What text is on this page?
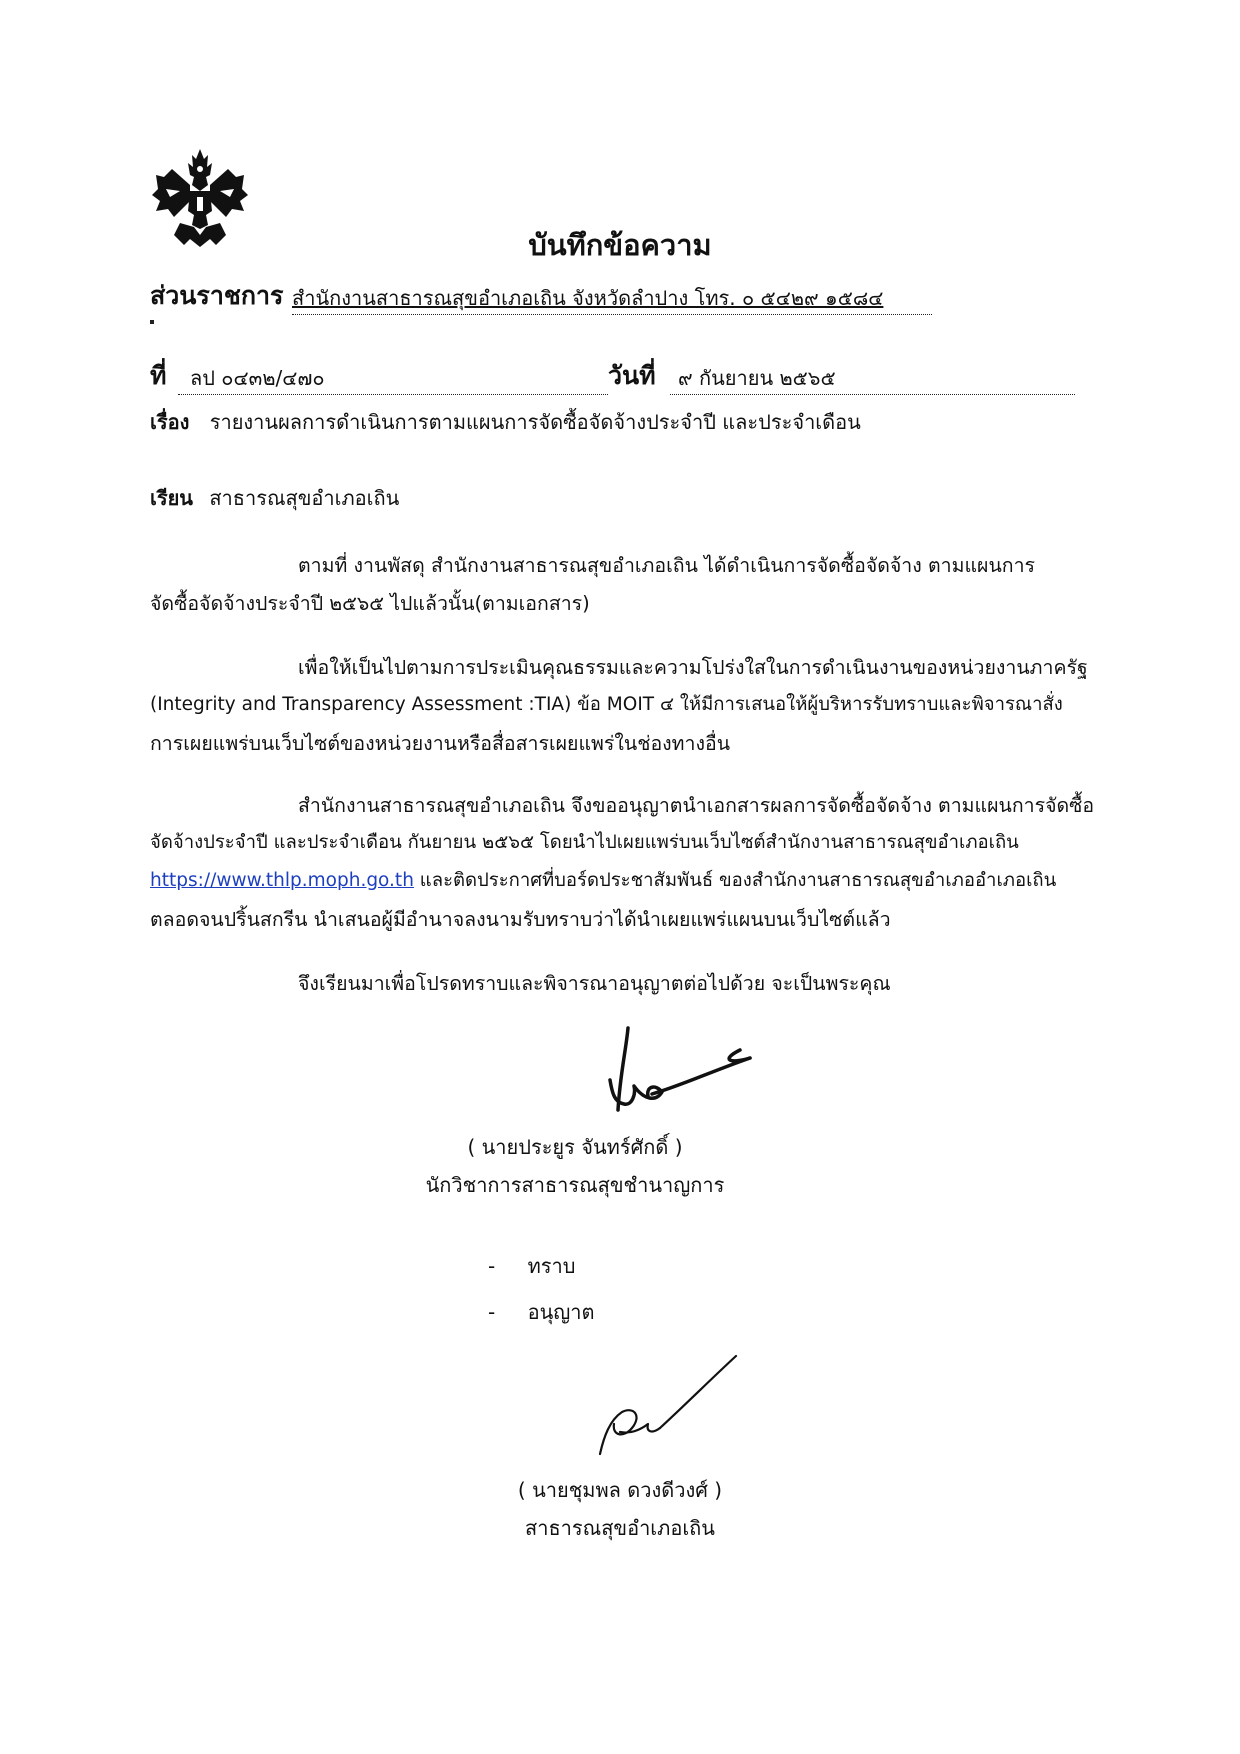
บันทึกข้อความ
ส่วนราชการ สำนักงานสาธารณสุขอำเภอเถิน จังหวัดลำปาง โทร. ๐ ๕๔๒๙ ๑๕๘๔
ที่	ลป ๐๔๓๒/๔๗๐	วันที่	๙ กันยายน ๒๕๖๕
เรื่อง รายงานผลการดำเนินการตามแผนการจัดซื้อจัดจ้างประจำปี และประจำเดือน
เรียน สาธารณสุขอำเภอเถิน
ตามที่ งานพัสดุ สำนักงานสาธารณสุขอำเภอเถิน ได้ดำเนินการจัดซื้อจัดจ้าง ตามแผนการ
จัดซื้อจัดจ้างประจำปี ๒๕๖๕ ไปแล้วนั้น(ตามเอกสาร)
เพื่อให้เป็นไปตามการประเมินคุณธรรมและความโปร่งใสในการดำเนินงานของหน่วยงานภาครัฐ
(Integrity and Transparency Assessment :TIA) ข้อ MOIT ๔ ให้มีการเสนอให้ผู้บริหารรับทราบและพิจารณาสั่ง
การเผยแพร่บนเว็บไซต์ของหน่วยงานหรือสื่อสารเผยแพร่ในช่องทางอื่น
สำนักงานสาธารณสุขอำเภอเถิน จึงขออนุญาตนำเอกสารผลการจัดซื้อจัดจ้าง ตามแผนการจัดซื้อ
จัดจ้างประจำปี และประจำเดือน กันยายน ๒๕๖๕ โดยนำไปเผยแพร่บนเว็บไซต์สำนักงานสาธารณสุขอำเภอเถิน
https://www.thlp.moph.go.th และติดประกาศที่บอร์ดประชาสัมพันธ์ ของสำนักงานสาธารณสุขอำเภออำเภอเถิน
ตลอดจนปริ้นสกรีน นำเสนอผู้มีอำนาจลงนามรับทราบว่าได้นำเผยแพร่แผนบนเว็บไซต์แล้ว
จึงเรียนมาเพื่อโปรดทราบและพิจารณาอนุญาตต่อไปด้วย จะเป็นพระคุณ
( นายประยูร จันทร์ศักดิ์ )
นักวิชาการสาธารณสุขชำนาญการ
- ทราบ
- อนุญาต
( นายชุมพล ดวงดีวงศ์ )
สาธารณสุขอำเภอเถิน
